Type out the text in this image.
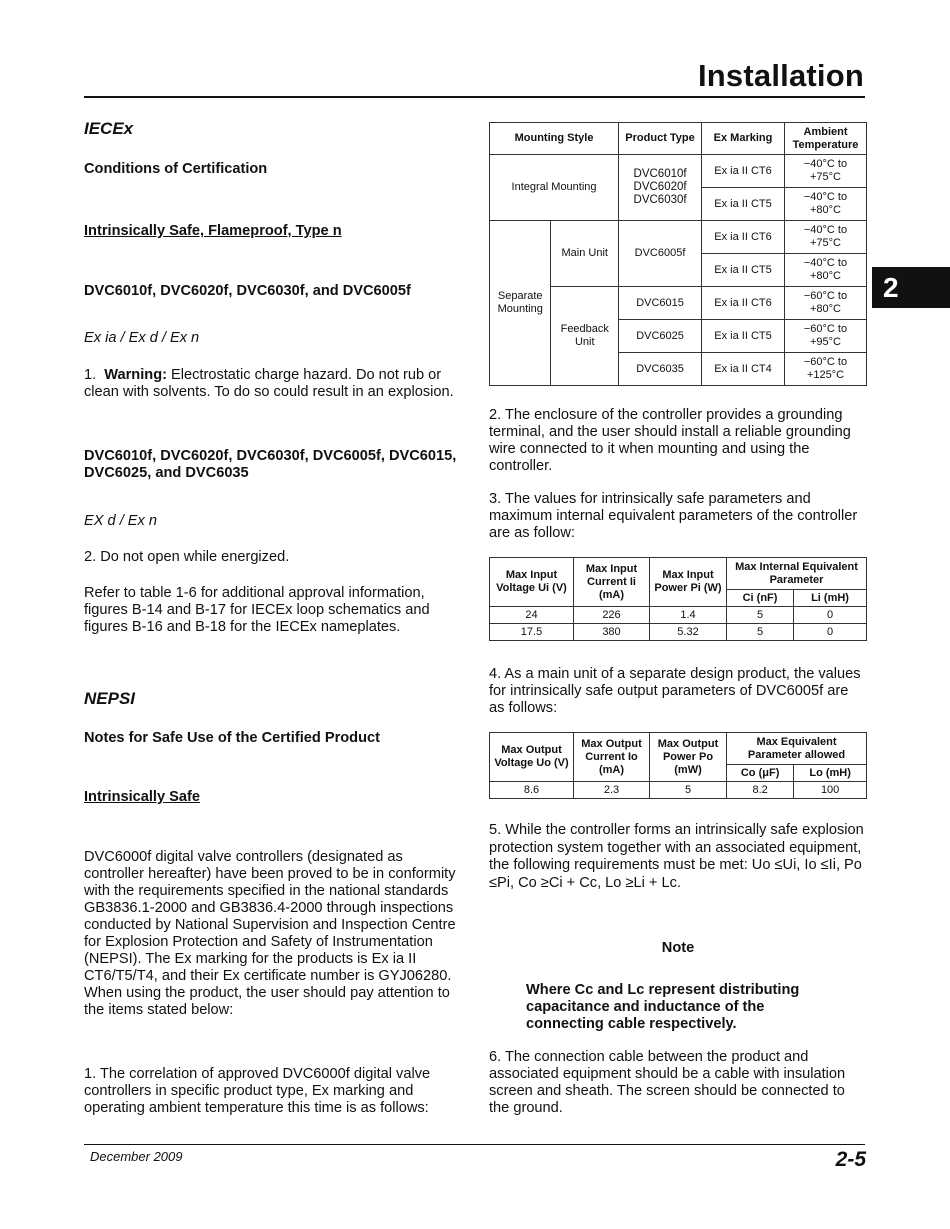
Installation
2
IECEx
Conditions of Certification
Intrinsically Safe, Flameproof, Type n
DVC6010f, DVC6020f, DVC6030f, and DVC6005f
Ex ia / Ex d / Ex n
1. Warning: Electrostatic charge hazard. Do not rub or clean with solvents. To do so could result in an explosion.
DVC6010f, DVC6020f, DVC6030f, DVC6005f, DVC6015, DVC6025, and DVC6035
EX d / Ex n
2. Do not open while energized.
Refer to table 1-6 for additional approval information, figures B-14 and B-17 for IECEx loop schematics and figures B-16 and B-18 for the IECEx nameplates.
NEPSI
Notes for Safe Use of the Certified Product
Intrinsically Safe
DVC6000f digital valve controllers (designated as controller hereafter) have been proved to be in conformity with the requirements specified in the national standards GB3836.1-2000 and GB3836.4-2000 through inspections conducted by National Supervision and Inspection Centre for Explosion Protection and Safety of Instrumentation (NEPSI). The Ex marking for the products is Ex ia II CT6/T5/T4, and their Ex certificate number is GYJ06280. When using the product, the user should pay attention to the items stated below:
1. The correlation of approved DVC6000f digital valve controllers in specific product type, Ex marking and operating ambient temperature this time is as follows:
Mounting Style		Product Type	Ex Marking	Ambient Temperature
Integral Mounting		DVC6010f DVC6020f DVC6030f	Ex ia II CT6	−40°C to +75°C
			Ex ia II CT5	−40°C to +80°C
Separate Mounting	Main Unit	DVC6005f	Ex ia II CT6	−40°C to +75°C
			Ex ia II CT5	−40°C to +80°C
	Feedback Unit	DVC6015	Ex ia II CT6	−60°C to +80°C
		DVC6025	Ex ia II CT5	−60°C to +95°C
		DVC6035	Ex ia II CT4	−60°C to +125°C
2. The enclosure of the controller provides a grounding terminal, and the user should install a reliable grounding wire connected to it when mounting and using the controller.
3. The values for intrinsically safe parameters and maximum internal equivalent parameters of the controller are as follow:
Max Input Voltage Ui (V)	Max Input Current Ii (mA)	Max Input Power Pi (W)	Max Internal Equivalent Parameter	
			Ci (nF)	Li (mH)
24	226	1.4	5	0
17.5	380	5.32	5	0
4. As a main unit of a separate design product, the values for intrinsically safe output parameters of DVC6005f are as follows:
Max Output Voltage Uo (V)	Max Output Current Io (mA)	Max Output Power Po (mW)	Max Equivalent Parameter allowed	
			Co (μF)	Lo (mH)
8.6	2.3	5	8.2	100
5. While the controller forms an intrinsically safe explosion protection system together with an associated equipment, the following requirements must be met: Uo ≤Ui, Io ≤Ii, Po ≤Pi, Co ≥Ci + Cc, Lo ≥Li + Lc.
Note
Where Cc and Lc represent distributing capacitance and inductance of the connecting cable respectively.
6. The connection cable between the product and associated equipment should be a cable with insulation screen and sheath. The screen should be connected to the ground.
December 2009	2-5
